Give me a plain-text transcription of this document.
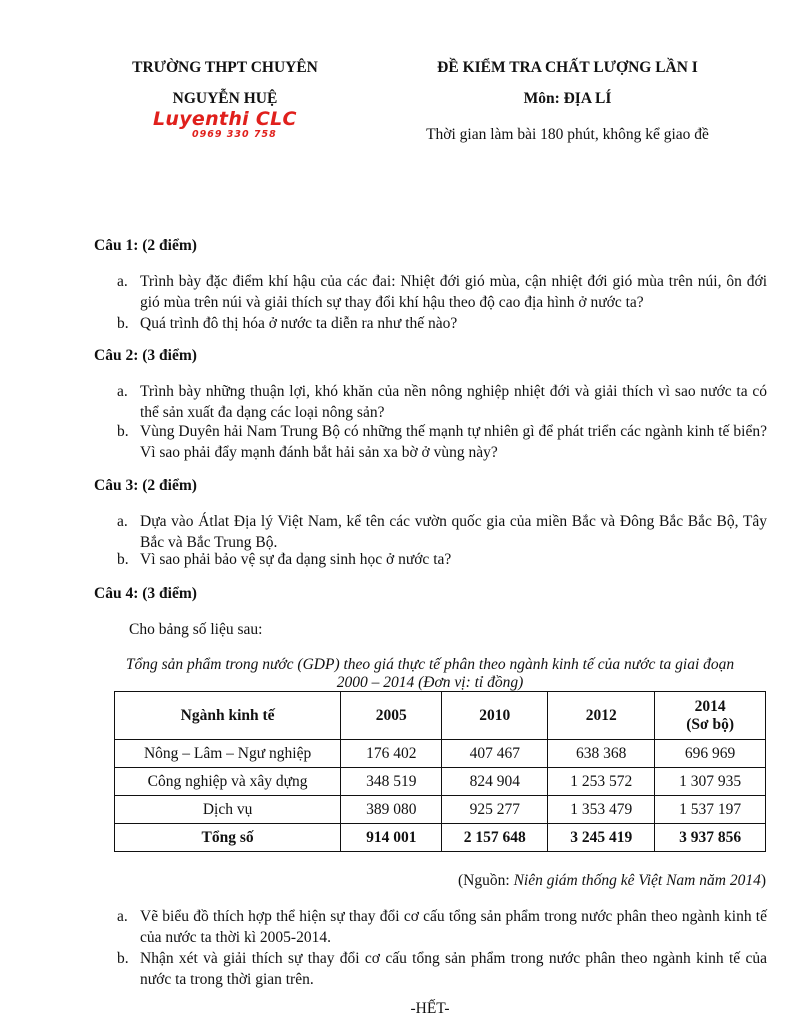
TRƯỜNG THPT CHUYÊN
NGUYỄN HUỆ
Luyenthi CLC
0969 330 758
ĐỀ KIỂM TRA CHẤT LƯỢNG LẦN I
Môn: ĐỊA LÍ
Thời gian làm bài 180 phút, không kể giao đề
Câu 1: (2 điểm)
a. Trình bày đặc điểm khí hậu của các đai: Nhiệt đới gió mùa, cận nhiệt đới gió mùa trên núi, ôn đới gió mùa trên núi và giải thích sự thay đổi khí hậu theo độ cao địa hình ở nước ta?
b. Quá trình đô thị hóa ở nước ta diễn ra như thế nào?
Câu 2: (3 điểm)
a. Trình bày những thuận lợi, khó khăn của nền nông nghiệp nhiệt đới và giải thích vì sao nước ta có thể sản xuất đa dạng các loại nông sản?
b. Vùng Duyên hải Nam Trung Bộ có những thế mạnh tự nhiên gì để phát triển các ngành kinh tế biển? Vì sao phải đẩy mạnh đánh bắt hải sản xa bờ ở vùng này?
Câu 3: (2 điểm)
a. Dựa vào Átlat Địa lý Việt Nam, kể tên các vườn quốc gia của miền Bắc và Đông Bắc Bắc Bộ, Tây Bắc và Bắc Trung Bộ.
b. Vì sao phải bảo vệ sự đa dạng sinh học ở nước ta?
Câu 4: (3 điểm)
Cho bảng số liệu sau:
Tổng sản phẩm trong nước (GDP) theo giá thực tế phân theo ngành kinh tế của nước ta giai đoạn
2000 – 2014 (Đơn vị: tỉ đồng)
Ngành kinh tế	2005	2010	2012	2014
(Sơ bộ)
Nông – Lâm – Ngư nghiệp	176 402	407 467	638 368	696 969
Công nghiệp và xây dựng	348 519	824 904	1 253 572	1 307 935
Dịch vụ	389 080	925 277	1 353 479	1 537 197
Tổng số	914 001	2 157 648	3 245 419	3 937 856
(Nguồn: Niên giám thống kê Việt Nam năm 2014)
a. Vẽ biểu đồ thích hợp thể hiện sự thay đổi cơ cấu tổng sản phẩm trong nước phân theo ngành kinh tế của nước ta thời kì 2005-2014.
b. Nhận xét và giải thích sự thay đổi cơ cấu tổng sản phẩm trong nước phân theo ngành kinh tế của nước ta trong thời gian trên.
-HẾT-
